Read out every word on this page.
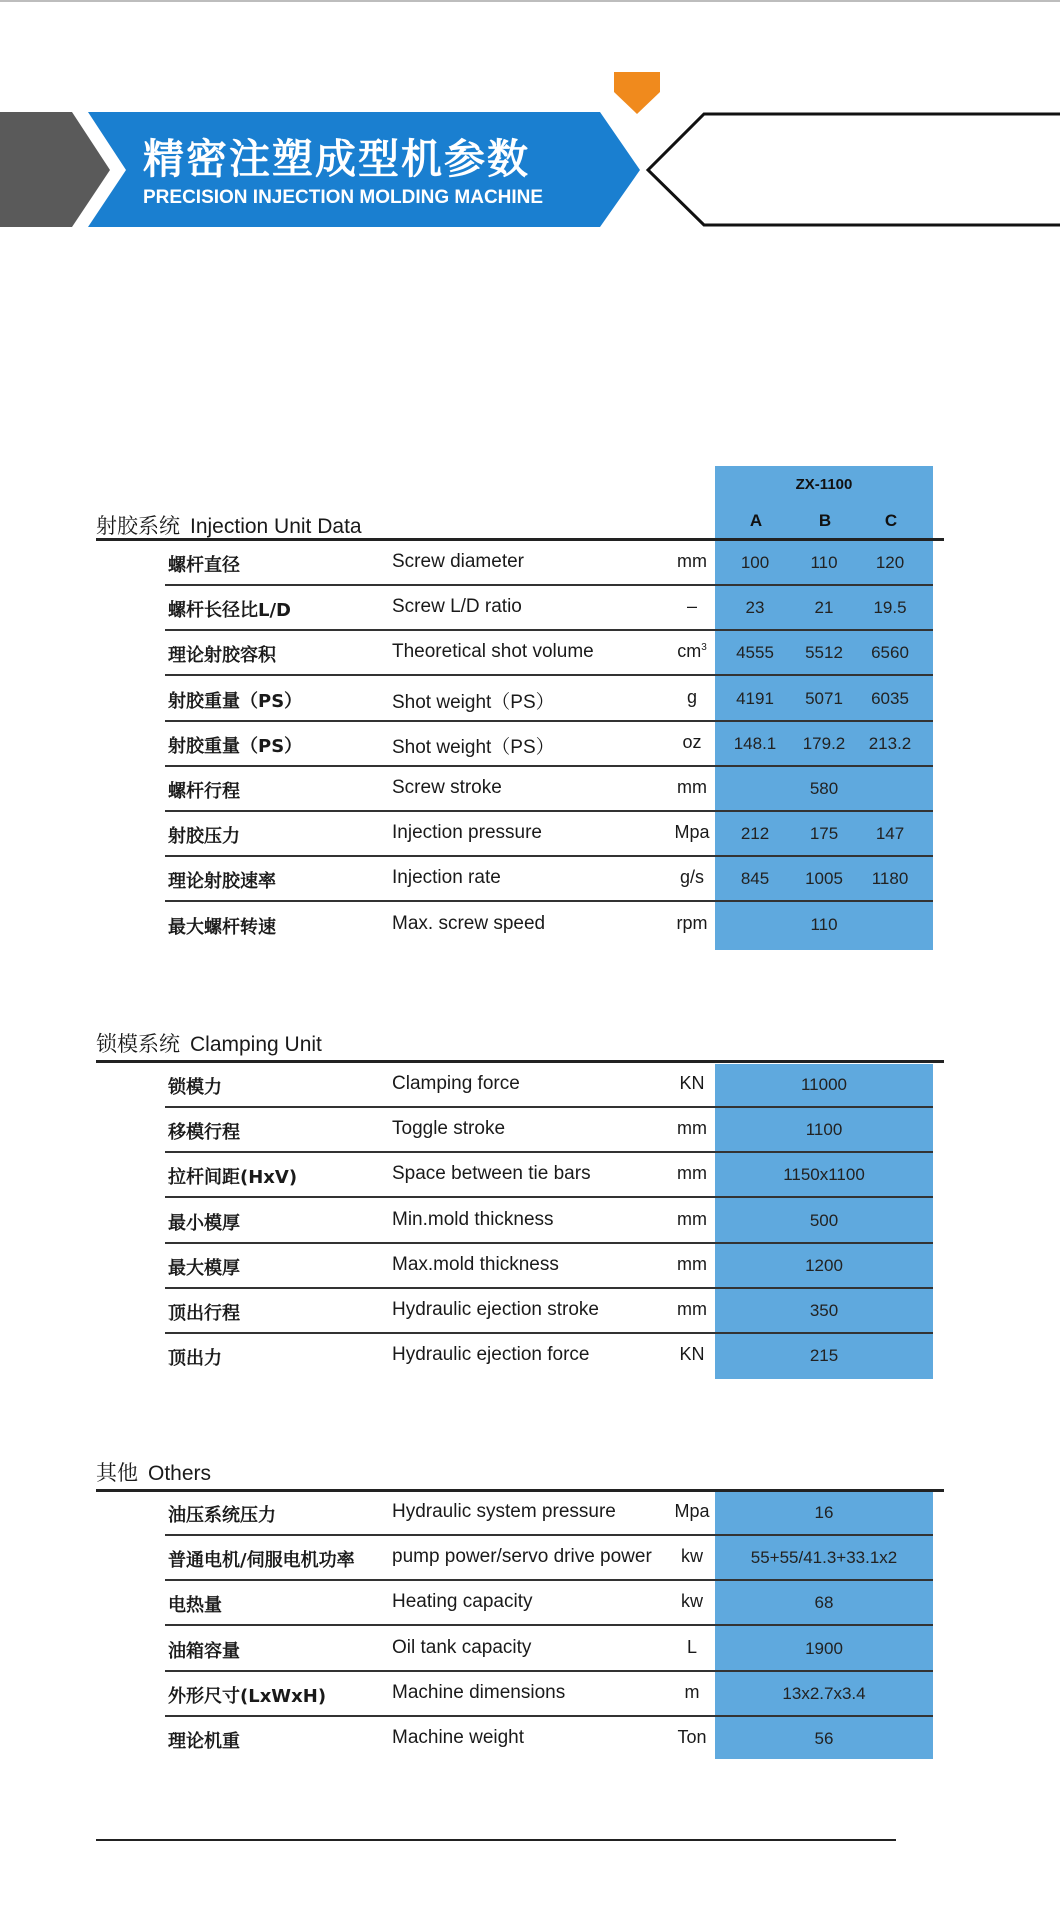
精密注塑成型机参数
PRECISION INJECTION MOLDING MACHINE
ZX-1100
A	B	C
射胶系统 Injection Unit Data
螺杆直径	Screw diameter	mm	100	110	120
螺杆长径比L/D	Screw L/D ratio	–	23	21	19.5
理论射胶容积	Theoretical shot volume	$cm^3$	4555	5512	6560
射胶重量（PS）	Shot weight（PS）	g	4191	5071	6035
射胶重量（PS）	Shot weight（PS）	oz	148.1	179.2	213.2
螺杆行程	Screw stroke	mm	580
射胶压力	Injection pressure	Mpa	212	175	147
理论射胶速率	Injection rate	g/s	845	1005	1180
最大螺杆转速	Max. screw speed	rpm	110
锁模系统 Clamping Unit
锁模力	Clamping force	KN	11000
移模行程	Toggle stroke	mm	1100
拉杆间距(HxV)	Space between tie bars	mm	1150x1100
最小模厚	Min.mold thickness	mm	500
最大模厚	Max.mold thickness	mm	1200
顶出行程	Hydraulic ejection stroke	mm	350
顶出力	Hydraulic ejection force	KN	215
其他 Others
油压系统压力	Hydraulic system pressure	Mpa	16
普通电机/伺服电机功率 pump power/servo drive power	kw	55+55/41.3+33.1x2
电热量	Heating capacity	kw	68
油箱容量	Oil tank capacity	L	1900
外形尺寸(LxWxH)	Machine dimensions	m	13x2.7x3.4
理论机重	Machine weight	Ton	56
